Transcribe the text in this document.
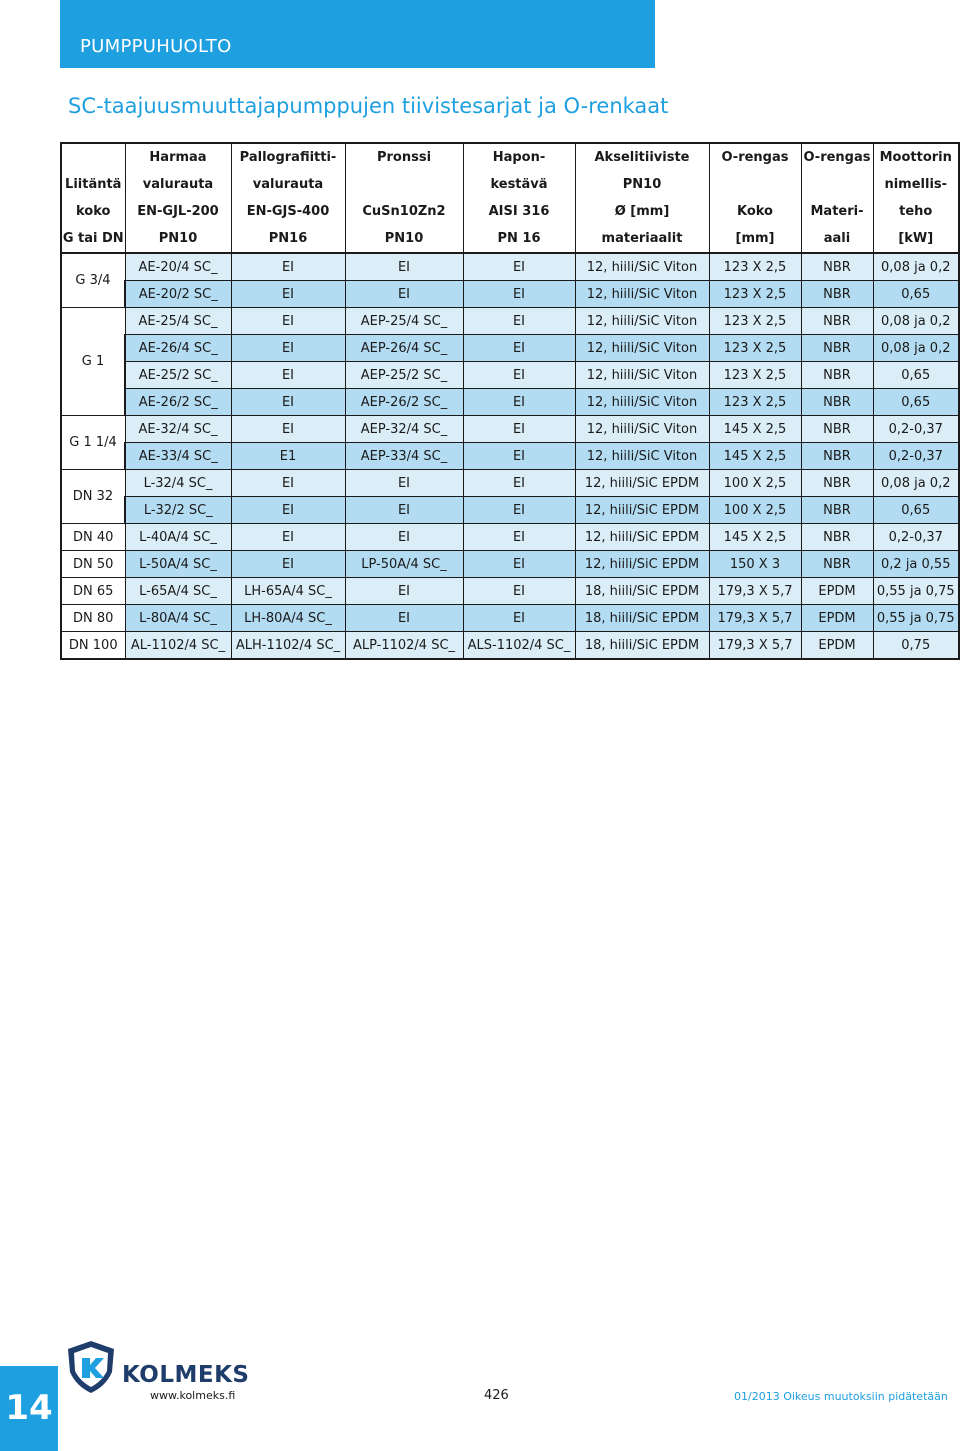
PUMPPUHUOLTO
SC-taajuusmuuttajapumppujen tiivistesarjat ja O-renkaat
	Harmaa	Pallografiitti-	Pronssi	Hapon-	Akselitiiviste	O-rengas	O-rengas	Moottorin
Liitäntä	valurauta	valurauta		kestävä	PN10			nimellis-
koko	EN-GJL-200	EN-GJS-400	CuSn10Zn2	AISI 316	Ø [mm]	Koko	Materi-	teho
G tai DN	PN10	PN16	PN10	PN 16	materiaalit	[mm]	aali	[kW]
G 3/4	AE-20/4 SC_	EI	EI	EI	12, hiili/SiC Viton	123 X 2,5	NBR	0,08 ja 0,2
	AE-20/2 SC_	EI	EI	EI	12, hiili/SiC Viton	123 X 2,5	NBR	0,65
G 1	AE-25/4 SC_	EI	AEP-25/4 SC_	EI	12, hiili/SiC Viton	123 X 2,5	NBR	0,08 ja 0,2
	AE-26/4 SC_	EI	AEP-26/4 SC_	EI	12, hiili/SiC Viton	123 X 2,5	NBR	0,08 ja 0,2
	AE-25/2 SC_	EI	AEP-25/2 SC_	EI	12, hiili/SiC Viton	123 X 2,5	NBR	0,65
	AE-26/2 SC_	EI	AEP-26/2 SC_	EI	12, hiili/SiC Viton	123 X 2,5	NBR	0,65
G 1 1/4	AE-32/4 SC_	EI	AEP-32/4 SC_	EI	12, hiili/SiC Viton	145 X 2,5	NBR	0,2-0,37
	AE-33/4 SC_	E1	AEP-33/4 SC_	EI	12, hiili/SiC Viton	145 X 2,5	NBR	0,2-0,37
DN 32	L-32/4 SC_	EI	EI	EI	12, hiili/SiC EPDM	100 X 2,5	NBR	0,08 ja 0,2
	L-32/2 SC_	EI	EI	EI	12, hiili/SiC EPDM	100 X 2,5	NBR	0,65
DN 40	L-40A/4 SC_	EI	EI	EI	12, hiili/SiC EPDM	145 X 2,5	NBR	0,2-0,37
DN 50	L-50A/4 SC_	EI	LP-50A/4 SC_	EI	12, hiili/SiC EPDM	150 X 3	NBR	0,2 ja 0,55
DN 65	L-65A/4 SC_	LH-65A/4 SC_	EI	EI	18, hiili/SiC EPDM	179,3 X 5,7	EPDM	0,55 ja 0,75
DN 80	L-80A/4 SC_	LH-80A/4 SC_	EI	EI	18, hiili/SiC EPDM	179,3 X 5,7	EPDM	0,55 ja 0,75
DN 100	AL-1102/4 SC_	ALH-1102/4 SC_	ALP-1102/4 SC_	ALS-1102/4 SC_	18, hiili/SiC EPDM	179,3 X 5,7	EPDM	0,75
14
KOLMEKS
www.kolmeks.fi	426	01/2013 Oikeus muutoksiin pidätetään
